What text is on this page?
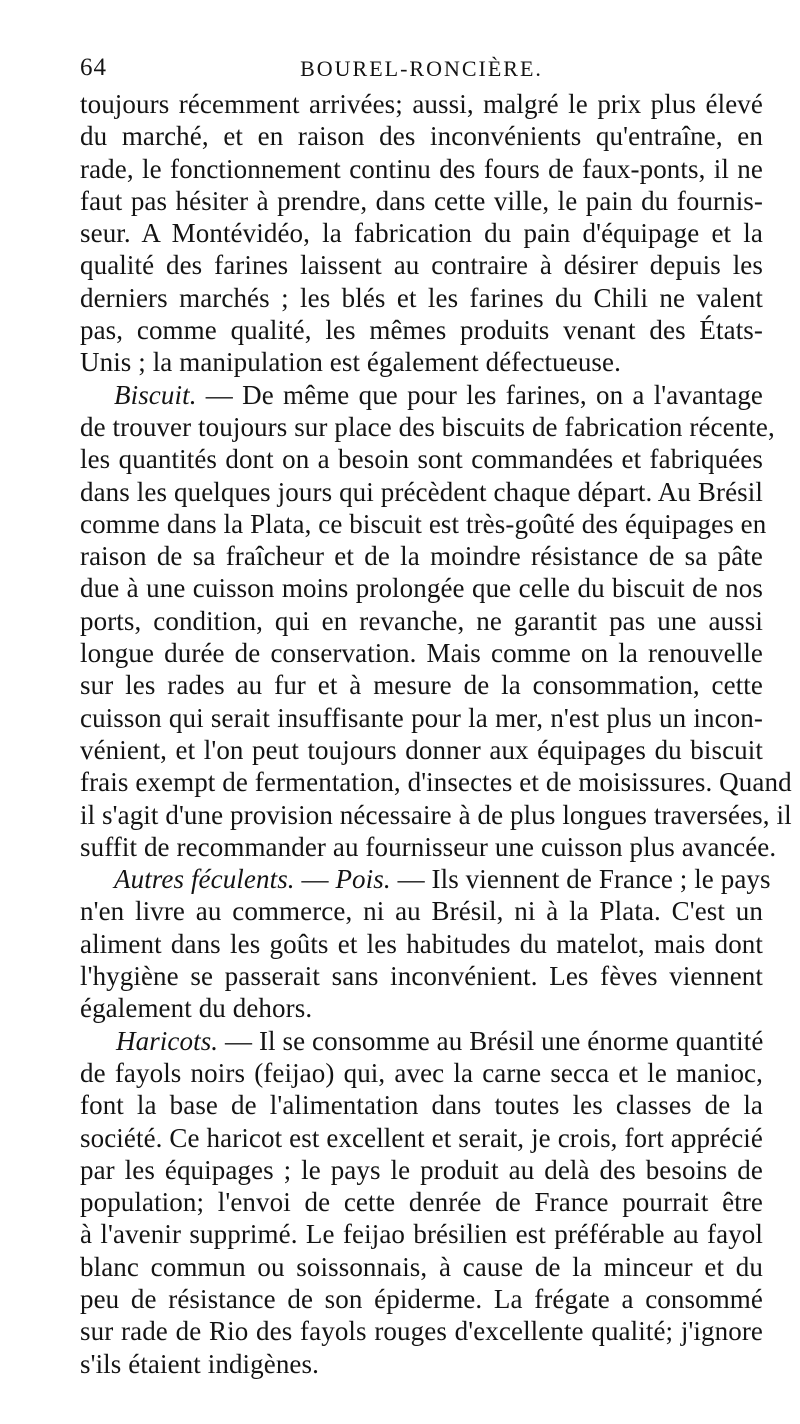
64	BOUREL-RONCIÈRE.
toujours récemment arrivées; aussi, malgré le prix plus élevé
du marché, et en raison des inconvénients qu'entraîne, en
rade, le fonctionnement continu des fours de faux-ponts, il ne
faut pas hésiter à prendre, dans cette ville, le pain du fournis-
seur. A Montévidéo, la fabrication du pain d'équipage et la
qualité des farines laissent au contraire à désirer depuis les
derniers marchés ; les blés et les farines du Chili ne valent
pas, comme qualité, les mêmes produits venant des États-
Unis ; la manipulation est également défectueuse.
Biscuit. — De même que pour les farines, on a l'avantage
de trouver toujours sur place des biscuits de fabrication récente,
les quantités dont on a besoin sont commandées et fabriquées
dans les quelques jours qui précèdent chaque départ. Au Brésil
comme dans la Plata, ce biscuit est très-goûté des équipages en
raison de sa fraîcheur et de la moindre résistance de sa pâte
due à une cuisson moins prolongée que celle du biscuit de nos
ports, condition, qui en revanche, ne garantit pas une aussi
longue durée de conservation. Mais comme on la renouvelle
sur les rades au fur et à mesure de la consommation, cette
cuisson qui serait insuffisante pour la mer, n'est plus un incon-
vénient, et l'on peut toujours donner aux équipages du biscuit
frais exempt de fermentation, d'insectes et de moisissures. Quand
il s'agit d'une provision nécessaire à de plus longues traversées, il
suffit de recommander au fournisseur une cuisson plus avancée.
Autres féculents. — Pois. — Ils viennent de France ; le pays
n'en livre au commerce, ni au Brésil, ni à la Plata. C'est un
aliment dans les goûts et les habitudes du matelot, mais dont
l'hygiène se passerait sans inconvénient. Les fèves viennent
également du dehors.
Haricots. — Il se consomme au Brésil une énorme quantité
de fayols noirs (feijao) qui, avec la carne secca et le manioc,
font la base de l'alimentation dans toutes les classes de la
société. Ce haricot est excellent et serait, je crois, fort apprécié
par les équipages ; le pays le produit au delà des besoins de
population; l'envoi de cette denrée de France pourrait être
à l'avenir supprimé. Le feijao brésilien est préférable au fayol
blanc commun ou soissonnais, à cause de la minceur et du
peu de résistance de son épiderme. La frégate a consommé
sur rade de Rio des fayols rouges d'excellente qualité; j'ignore
s'ils étaient indigènes.
